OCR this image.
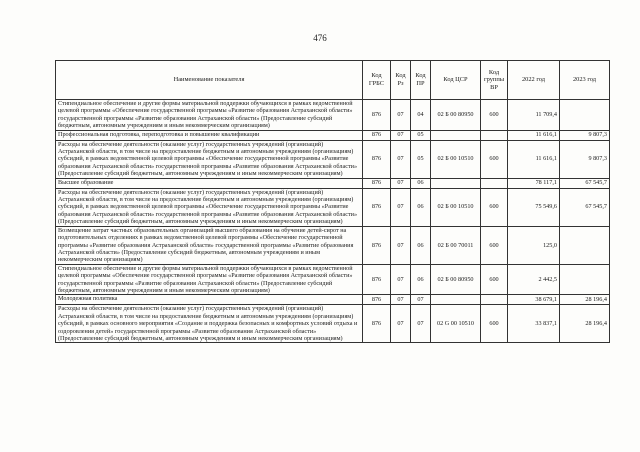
476
Наименование показателя	Код ГРБС	Код Рз	Код ПР	Код ЦСР	Код группы ВР	2022 год	2023 год
Стипендиальное обеспечение и другие формы материальной поддержки обучающихся в рамках ведомственной целевой программы «Обеспечение государственной программы «Развитие образования Астраханской области» государственной программы «Развитие образования Астраханской области» (Предоставление субсидий бюджетным, автономным учреждениям и иным некоммерческим организациям)	876	07	04	02 Б 00 80950	600	11 709,4	
Профессиональная подготовка, переподготовка и повышение квалификации	876	07	05			11 616,1	9 807,3
Расходы на обеспечение деятельности (оказание услуг) государственных учреждений (организаций) Астраханской области, в том числе на предоставление бюджетным и автономным учреждениям (организациям) субсидий, в рамках ведомственной целевой программы «Обеспечение государственной программы «Развитие образования Астраханской области» государственной программы «Развитие образования Астраханской области» (Предоставление субсидий бюджетным, автономным учреждениям и иным некоммерческим организациям)	876	07	05	02 Б 00 10510	600	11 616,1	9 807,3
Высшее образование	876	07	06			78 117,1	67 545,7
Расходы на обеспечение деятельности (оказание услуг) государственных учреждений (организаций) Астраханской области, в том числе на предоставление бюджетным и автономным учреждениям (организациям) субсидий, в рамках ведомственной целевой программы «Обеспечение государственной программы «Развитие образования Астраханской области» государственной программы «Развитие образования Астраханской области» (Предоставление субсидий бюджетным, автономным учреждениям и иным некоммерческим организациям)	876	07	06	02 Б 00 10510	600	75 549,6	67 545,7
Возмещение затрат частных образовательных организаций высшего образования на обучение детей-сирот на подготовительных отделениях в рамках ведомственной целевой программы «Обеспечение государственной программы «Развитие образования Астраханской области» государственной программы «Развитие образования Астраханской области» (Предоставление субсидий бюджетным, автономным учреждениям и иным некоммерческим организациям)	876	07	06	02 Б 00 70011	600	125,0	
Стипендиальное обеспечение и другие формы материальной поддержки обучающихся в рамках ведомственной целевой программы «Обеспечение государственной программы «Развитие образования Астраханской области» государственной программы «Развитие образования Астраханской области» (Предоставление субсидий бюджетным, автономным учреждениям и иным некоммерческим организациям)	876	07	06	02 Б 00 80950	600	2 442,5	
Молодежная политика	876	07	07			38 679,1	28 196,4
Расходы на обеспечение деятельности (оказание услуг) государственных учреждений (организаций) Астраханской области, в том числе на предоставление бюджетным и автономным учреждениям (организациям) субсидий, в рамках основного мероприятия «Создание и поддержка безопасных и комфортных условий отдыха и оздоровления детей» государственной программы «Развитие образования Астраханской области» (Предоставление субсидий бюджетным, автономным учреждениям и иным некоммерческим организациям)	876	07	07	02 G 00 10510	600	33 837,1	28 196,4
